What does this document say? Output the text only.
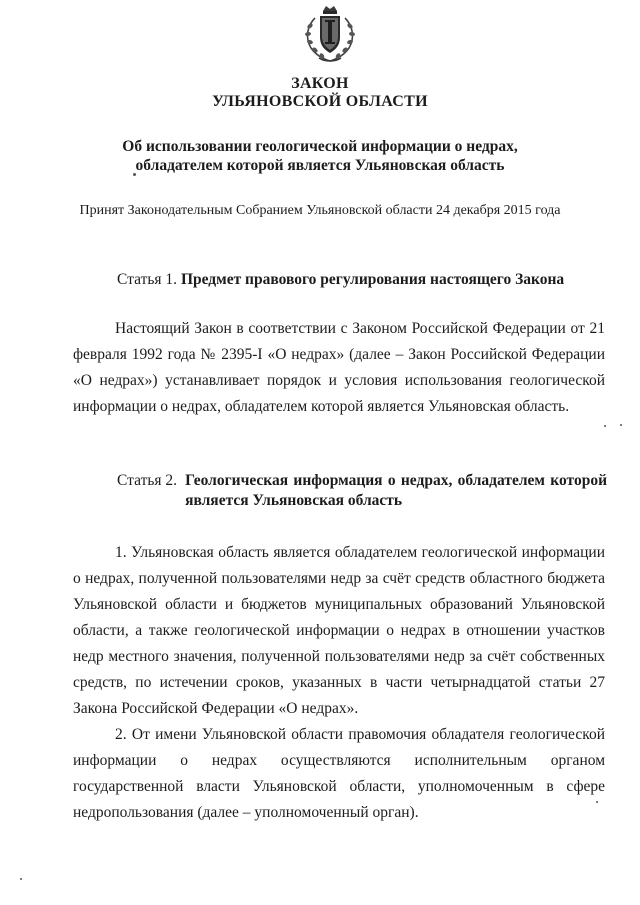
ЗАКОН
УЛЬЯНОВСКОЙ ОБЛАСТИ
Об использовании геологической информации о недрах,
обладателем которой является Ульяновская область
Принят Законодательным Собранием Ульяновской области 24 декабря 2015 года
Статья 1. Предмет правового регулирования настоящего Закона

Настоящий Закон в соответствии с Законом Российской Федерации от 21 февраля 1992 года № 2395-I «О недрах» (далее – Закон Российской Федерации «О недрах») устанавливает порядок и условия использования геологической информации о недрах, обладателем которой является Ульяновская область.

Статья 2. Геологическая информация о недрах, обладателем которой является Ульяновская область

1. Ульяновская область является обладателем геологической информации о недрах, полученной пользователями недр за счёт средств областного бюджета Ульяновской области и бюджетов муниципальных образований Ульяновской области, а также геологической информации о недрах в отношении участков недр местного значения, полученной пользователями недр за счёт собственных средств, по истечении сроков, указанных в части четырнадцатой статьи 27 Закона Российской Федерации «О недрах».

2. От имени Ульяновской области правомочия обладателя геологической информации о недрах осуществляются исполнительным органом государственной власти Ульяновской области, уполномоченным в сфере недропользования (далее – уполномоченный орган).
